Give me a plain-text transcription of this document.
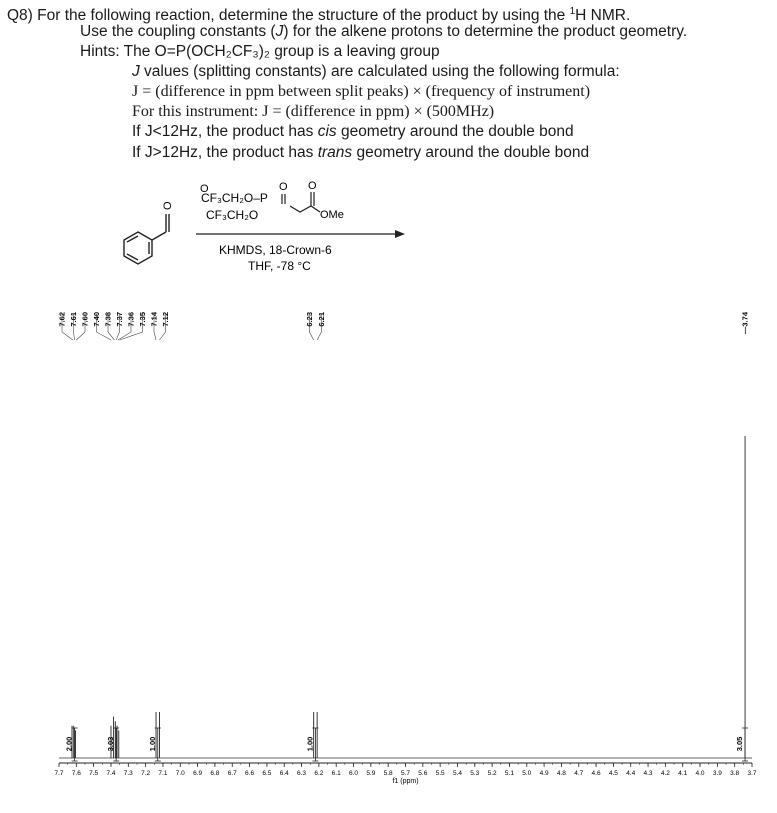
Q8) For the following reaction, determine the structure of the product by using the $^1$H NMR.
Use the coupling constants (J) for the alkene protons to determine the product geometry.
Hints: The O=P(OCH₂CF₃)₂ group is a leaving group
J values (splitting constants) are calculated using the following formula:
J = (difference in ppm between split peaks) × (frequency of instrument)
For this instrument: J = (difference in ppm) × (500MHz)
If J<12Hz, the product has cis geometry around the double bond
If J>12Hz, the product has trans geometry around the double bond
O
O	O
CF₃CH₂O–P
CF₃CH₂O
O
OMe
KHMDS, 18-Crown-6
THF, -78 °C
7.62 7.61 7.60 7.40 7.38 7.37 7.36 7.35 7.14 7.12	6.23 6.21	—3.74
2.00	3.03	1.00	1.00	3.05
7.7 7.6 7.5 7.4 7.3 7.2 7.1 7.0 6.9 6.8 6.7 6.6 6.5 6.4 6.3 6.2 6.1 6.0 5.9 5.8 5.7 5.6 5.5 5.4 5.3 5.2 5.1 5.0 4.9 4.8 4.7 4.6 4.5 4.4 4.3 4.2 4.1 4.0 3.9 3.8 3.7
f1 (ppm)
